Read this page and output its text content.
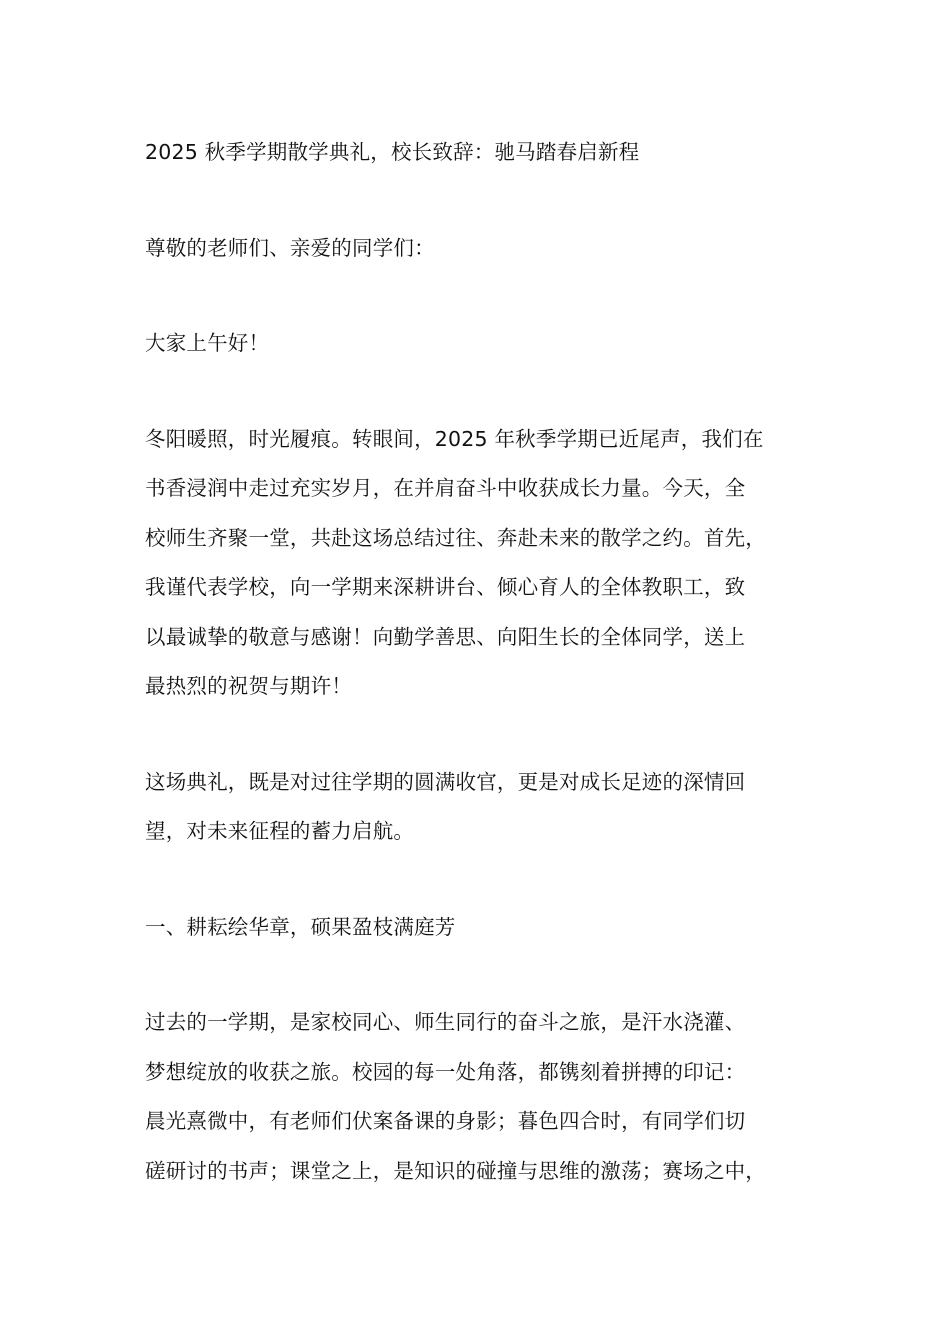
2025 秋季学期散学典礼，校长致辞：驰马踏春启新程

尊敬的老师们、亲爱的同学们：

大家上午好！

冬阳暖照，时光履痕。转眼间，2025 年秋季学期已近尾声，我们在
书香浸润中走过充实岁月，在并肩奋斗中收获成长力量。今天，全
校师生齐聚一堂，共赴这场总结过往、奔赴未来的散学之约。首先，
我谨代表学校，向一学期来深耕讲台、倾心育人的全体教职工，致
以最诚挚的敬意与感谢！向勤学善思、向阳生长的全体同学，送上
最热烈的祝贺与期许！

这场典礼，既是对过往学期的圆满收官，更是对成长足迹的深情回
望，对未来征程的蓄力启航。

一、耕耘绘华章，硕果盈枝满庭芳

过去的一学期，是家校同心、师生同行的奋斗之旅，是汗水浇灌、
梦想绽放的收获之旅。校园的每一处角落，都镌刻着拼搏的印记：
晨光熹微中，有老师们伏案备课的身影；暮色四合时，有同学们切
磋研讨的书声；课堂之上，是知识的碰撞与思维的激荡；赛场之中，
